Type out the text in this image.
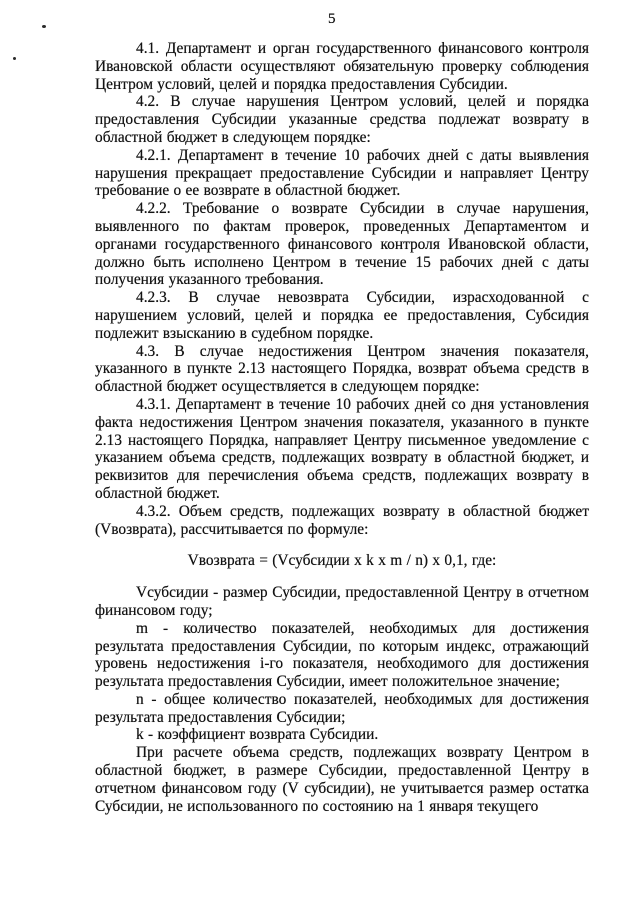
5

4.1. Департамент и орган государственного финансового контроля Ивановской области осуществляют обязательную проверку соблюдения Центром условий, целей и порядка предоставления Субсидии.

4.2. В случае нарушения Центром условий, целей и порядка предоставления Субсидии указанные средства подлежат возврату в областной бюджет в следующем порядке:

4.2.1. Департамент в течение 10 рабочих дней с даты выявления нарушения прекращает предоставление Субсидии и направляет Центру требование о ее возврате в областной бюджет.

4.2.2. Требование о возврате Субсидии в случае нарушения, выявленного по фактам проверок, проведенных Департаментом и органами государственного финансового контроля Ивановской области, должно быть исполнено Центром в течение 15 рабочих дней с даты получения указанного требования.

4.2.3. В случае невозврата Субсидии, израсходованной с нарушением условий, целей и порядка ее предоставления, Субсидия подлежит взысканию в судебном порядке.

4.3. В случае недостижения Центром значения показателя, указанного в пункте 2.13 настоящего Порядка, возврат объема средств в областной бюджет осуществляется в следующем порядке:

4.3.1. Департамент в течение 10 рабочих дней со дня установления факта недостижения Центром значения показателя, указанного в пункте 2.13 настоящего Порядка, направляет Центру письменное уведомление с указанием объема средств, подлежащих возврату в областной бюджет, и реквизитов для перечисления объема средств, подлежащих возврату в областной бюджет.

4.3.2. Объем средств, подлежащих возврату в областной бюджет (Vвозврата), рассчитывается по формуле:

Vвозврата = (Vсубсидии x k x m / n) x 0,1, где:

Vсубсидии - размер Субсидии, предоставленной Центру в отчетном финансовом году;

m - количество показателей, необходимых для достижения результата предоставления Субсидии, по которым индекс, отражающий уровень недостижения i-го показателя, необходимого для достижения результата предоставления Субсидии, имеет положительное значение;

n - общее количество показателей, необходимых для достижения результата предоставления Субсидии;

k - коэффициент возврата Субсидии.

При расчете объема средств, подлежащих возврату Центром в областной бюджет, в размере Субсидии, предоставленной Центру в отчетном финансовом году (V субсидии), не учитывается размер остатка Субсидии, не использованного по состоянию на 1 января текущего
